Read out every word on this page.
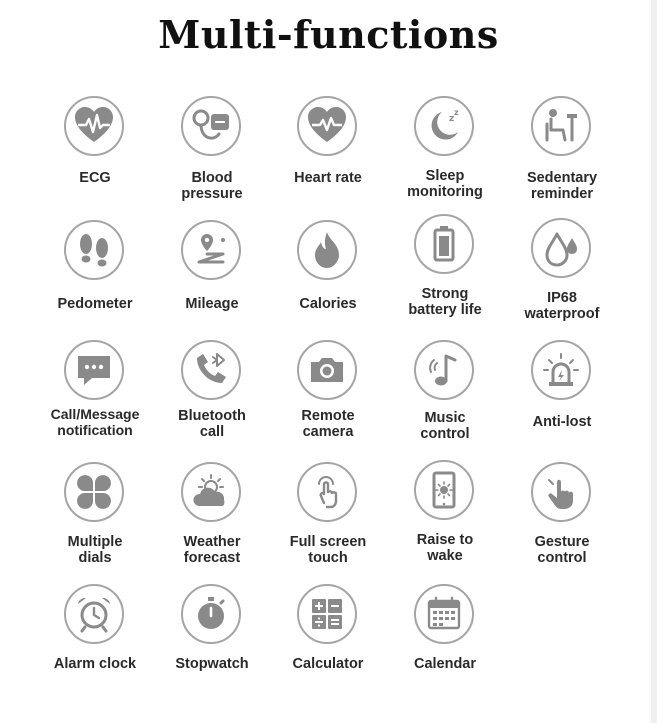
Multi-functions
ECG	Blood
pressure
Heart rate
z
z
Sleep
monitoring
Sedentary
reminder
Pedometer	Mileage	Calories
Strong
battery life
IP68
waterproof
Call/Message
notification
Bluetooth
call
Remote
camera
Music
control
Anti-lost
Multiple
dials
Weather
forecast
Full screen
touch
Raise to
wake
Gesture
control
Alarm clock	Stopwatch	Calculator	Calendar
